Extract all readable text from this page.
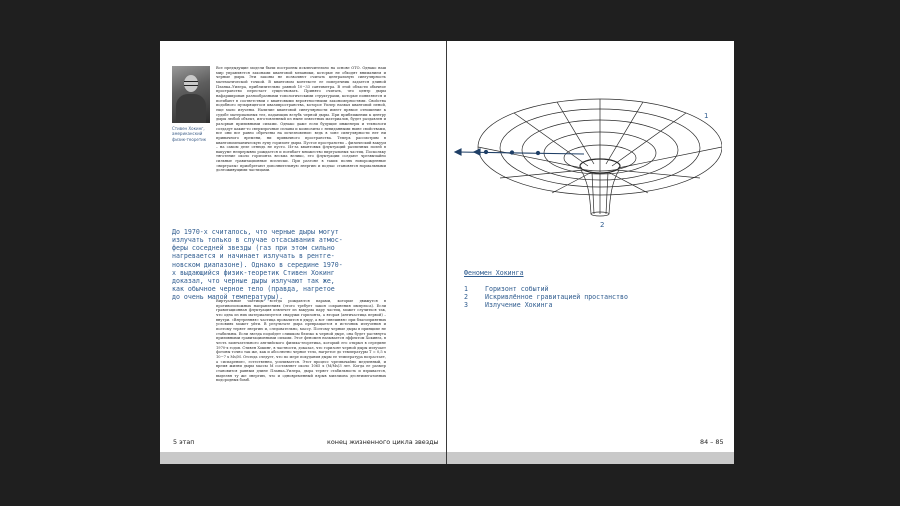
Стивен Хокинг,
американский
физик-теоретик
Все предыдущие модели были построены исключительно на основе ОТО. Однако наш мир управляется законами квантовой механики, которые не обходят вниманием и черные дыры. Эти законы не позволяют считать центральную сингулярность математической точкой. В квантовом контексте ее поперечник задается длиной Планка–Уилера, приблизительно равной 10−33 сантиметра. В этой области обычное пространство перестает существовать. Принято считать, что центр дыры нафарширован разнообразными топологическими структурами, которые появляются и погибают в соответствии с квантовыми вероятностными закономерностями. Свойства подобного пузырящегося квазипространства, которое Уилер назвал квантовой пеной, еще мало изучены. Наличие квантовой сингулярности имеет прямое отношение к судьбе материальных тел, падающих вглубь черной дыры. При приближении к центру дыры любой объект, изготовленный из ныне известных материалов, будет раздавлен и разорван приливными силами. Однако даже если будущие инженеры и технологи создадут какие-то сверхпрочные сплавы и композиты с невиданными ныне свойствами, все они все равно обречены на исчезновение: ведь в зоне сингулярности нет ни привычного времени, ни привычного пространства. Теперь рассмотрим в квантовомеханическую лупу горизонт дыры. Пустое пространство – физический вакуум – на самом деле отнюдь не пусто. Из-за квантовых флуктуаций различных полей в вакууме непрерывно рождается и погибает множество виртуальных частиц. Поскольку тяготение около горизонта весьма велико, его флуктуации создают чрезвычайно сильные гравитационные всплески. При разгоне в таких полях новорожденные «виртуалы» приобретают дополнительную энергию и подчас становятся нормальными долгоживущими частицами.
До 1970-х считалось, что черные дыры могут
излучать только в случае отсасывания атмос-
феры соседней звезды (газ при этом сильно
нагревается и начинает излучать в рентге-
новском диапазоне). Однако в середине 1970-
х выдающийся физик-теоретик Стивен Хокинг
доказал, что черные дыры излучают так же,
как обычное черное тело (правда, нагретое
до очень малой температуры).
Виртуальные частицы всегда рождаются парами, которые движутся в противоположных направлениях (этого требует закон сохранения импульса). Если гравитационная флуктуация извлечет из вакуума пару частиц, может случиться так, что одна из них материализуется снаружи горизонта, а вторая (античастица первой) – внутри. «Внутренняя» частица провалится в дыру, а вот «внешняя» при благоприятных условиях может уйти. В результате дыра превращается в источник излучения и поэтому теряет энергию и, следовательно, массу. Поэтому черные дыры в принципе не стабильны. Если звезда подойдет слишком близко к черной дыре, она будет растянута приливными гравитационными силами. Этот феномен называется эффектом Хокинга, в честь замечательного английского физика-теоретика, который его открыл в середине 1970-х годов. Стивен Хокинг, в частности, доказал, что горизонт черной дыры излучает фотоны точно так же, как и абсолютно черное тело, нагретое до температуры T = 0,5 x 10−7 x Ms/M. Отсюда следует, что по мере похудания дыры ее температура возрастает, а «испарение», естественно, усиливается. Этот процесс чрезвычайно медленный, и время жизни дыры массы M составляет около 1065 x (M/Ms)3 лет. Когда ее размер становится равным длине Планка–Уилера, дыра теряет стабильность и взрывается, выделяя ту же энергию, что и одновременный взрыв миллиона десятимегатонных водородных бомб.
5 этап	конец жизненного цикла звезды
1
2
Феномен Хокинга
1	Горизонт событий
2	Искривлённое гравитацией простанство
3	Излучение Хокинга
84 – 85
